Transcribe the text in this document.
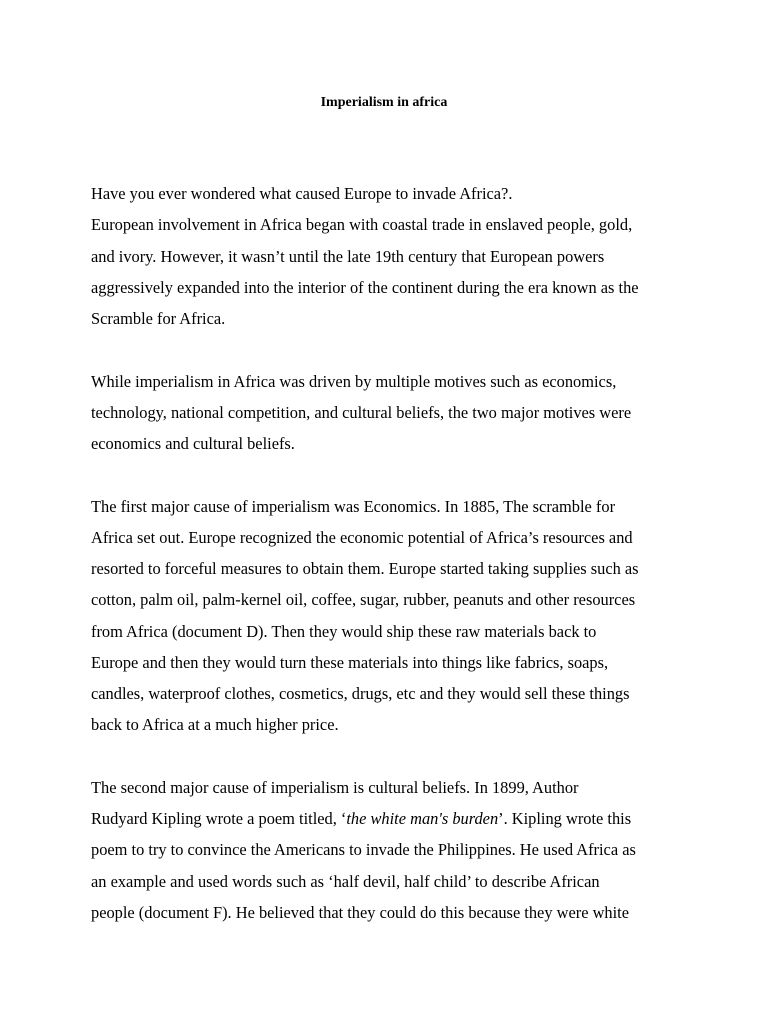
Imperialism in africa
Have you ever wondered what caused Europe to invade Africa?.
European involvement in Africa began with coastal trade in enslaved people, gold,
and ivory. However, it wasn’t until the late 19th century that European powers
aggressively expanded into the interior of the continent during the era known as the
Scramble for Africa.
While imperialism in Africa was driven by multiple motives such as economics,
technology, national competition, and cultural beliefs, the two major motives were
economics and cultural beliefs.
The first major cause of imperialism was Economics. In 1885, The scramble for
Africa set out. Europe recognized the economic potential of Africa’s resources and
resorted to forceful measures to obtain them. Europe started taking supplies such as
cotton, palm oil, palm-kernel oil, coffee, sugar, rubber, peanuts and other resources
from Africa (document D). Then they would ship these raw materials back to
Europe and then they would turn these materials into things like fabrics, soaps,
candles, waterproof clothes, cosmetics, drugs, etc and they would sell these things
back to Africa at a much higher price.
The second major cause of imperialism is cultural beliefs. In 1899, Author
Rudyard Kipling wrote a poem titled, ‘the white man's burden’. Kipling wrote this
poem to try to convince the Americans to invade the Philippines. He used Africa as
an example and used words such as ‘half devil, half child’ to describe African
people (document F). He believed that they could do this because they were white
